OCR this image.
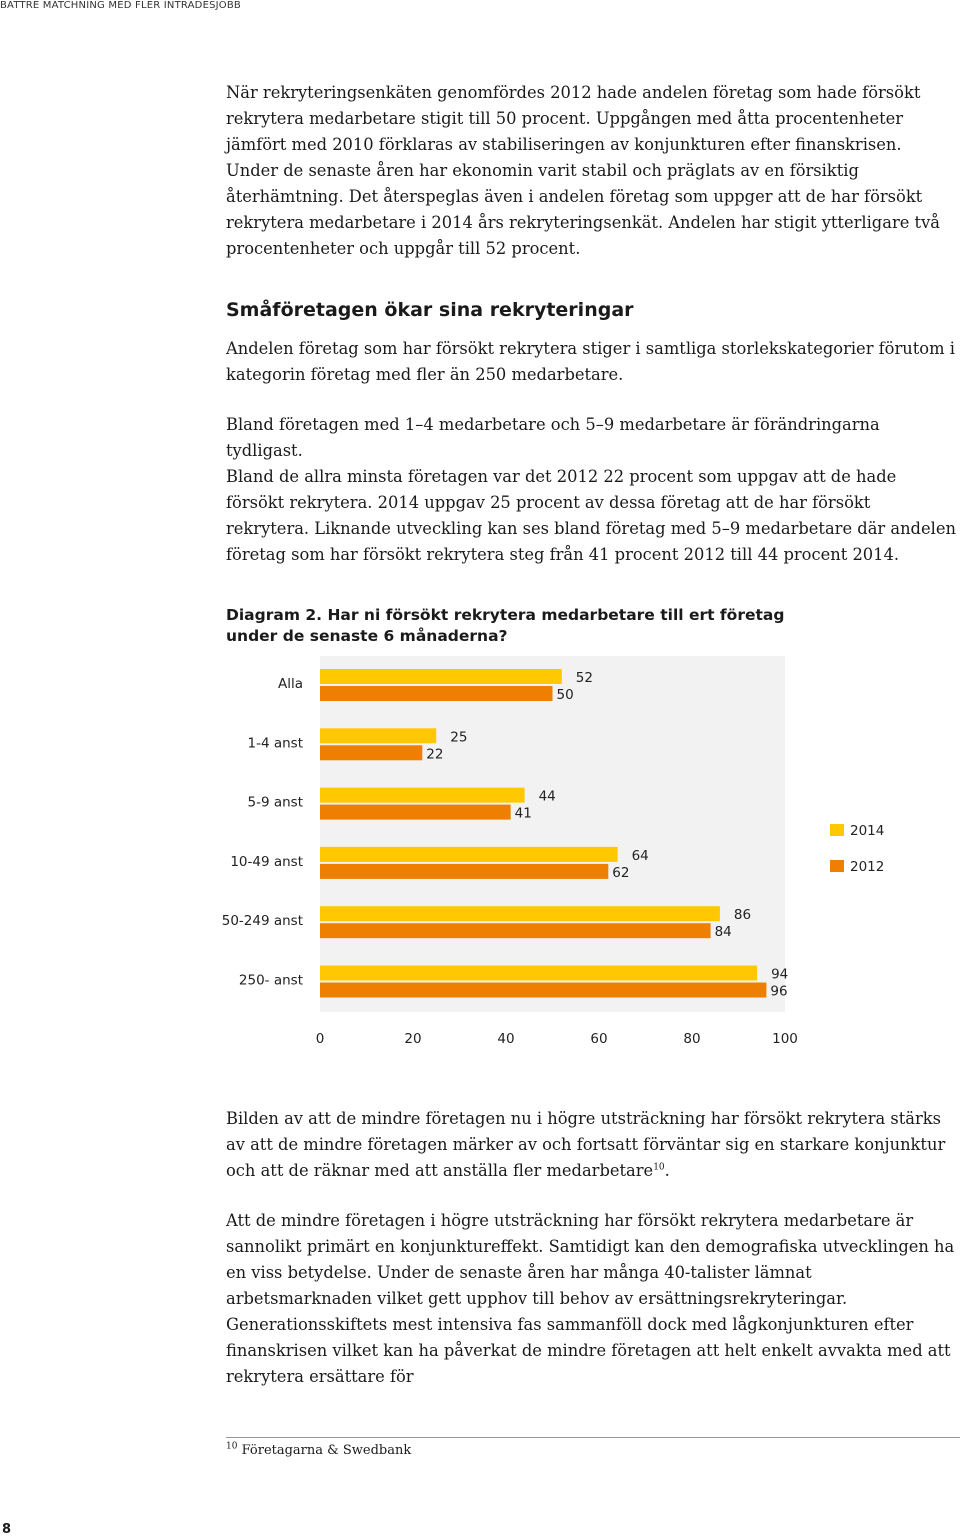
BÄTTRE MATCHNING MED FLER INTRÄDESJOBB

När rekryteringsenkäten genomfördes 2012 hade andelen företag som hade försökt rekrytera medarbetare stigit till 50 procent. Uppgången med åtta procentenheter jämfört med 2010 förklaras av stabiliseringen av konjunkturen efter finanskrisen. Under de senaste åren har ekonomin varit stabil och präglats av en försiktig återhämtning. Det återspeglas även i andelen företag som uppger att de har försökt rekrytera medarbetare i 2014 års rekryteringsenkät. Andelen har stigit ytterligare två procentenheter och uppgår till 52 procent.

Småföretagen ökar sina rekryteringar

Andelen företag som har försökt rekrytera stiger i samtliga storlekskategorier förutom i kategorin företag med fler än 250 medarbetare.

Bland företagen med 1–4 medarbetare och 5–9 medarbetare är förändringarna tydligast.

Bland de allra minsta företagen var det 2012 22 procent som uppgav att de hade försökt rekrytera. 2014 uppgav 25 procent av dessa företag att de har försökt rekrytera. Liknande utveckling kan ses bland företag med 5–9 medarbetare där andelen företag som har försökt rekrytera steg från 41 procent 2012 till 44 procent 2014.

Diagram 2. Har ni försökt rekrytera medarbetare till ert företag under de senaste 6 månaderna?

Alla	52
50
1-4 anst	25
22
5-9 anst	44
41
10-49 anst	64
62
50-249 anst	86
84
250- anst	94
96
0	20	40	60	80	100
2014
2012

Bilden av att de mindre företagen nu i högre utsträckning har försökt rekrytera stärks av att de mindre företagen märker av och fortsatt förväntar sig en starkare konjunktur och att de räknar med att anställa fler medarbetare$^{10}$.

Att de mindre företagen i högre utsträckning har försökt rekrytera medarbetare är sannolikt primärt en konjunktureffekt. Samtidigt kan den demografiska utvecklingen ha en viss betydelse. Under de senaste åren har många 40-talister lämnat arbetsmarknaden vilket gett upphov till behov av ersättningsrekryteringar. Generationsskiftets mest intensiva fas sammanföll dock med lågkonjunkturen efter finanskrisen vilket kan ha påverkat de mindre företagen att helt enkelt avvakta med att rekrytera ersättare för

$^{10}$ Företagarna & Swedbank
8
